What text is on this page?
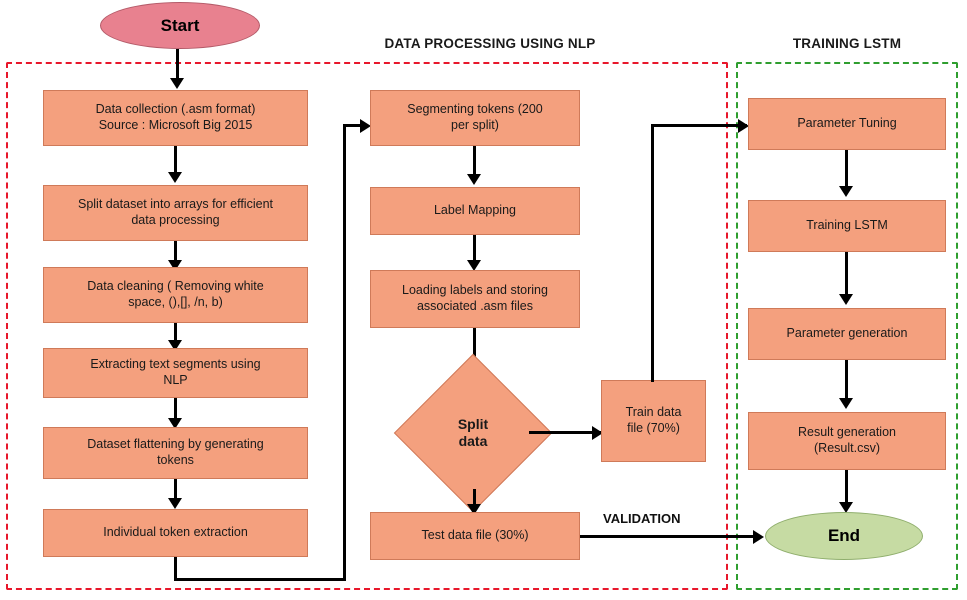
DATA PROCESSING USING NLP	TRAINING LSTM
Start
Data collection (.asm format)
Source : Microsoft Big 2015
Split dataset into arrays for efficient
data processing
Data cleaning ( Removing white
space, (),[], /n, b)
Extracting text segments using
NLP
Dataset flattening by generating
tokens
Individual token extraction
Segmenting tokens (200
per split)
Label Mapping
Loading labels and storing
associated .asm files
Split
data
Train data
file (70%)
Test data file (30%)
VALIDATION
Parameter Tuning
Training LSTM
Parameter generation
Result generation
(Result.csv)
End
